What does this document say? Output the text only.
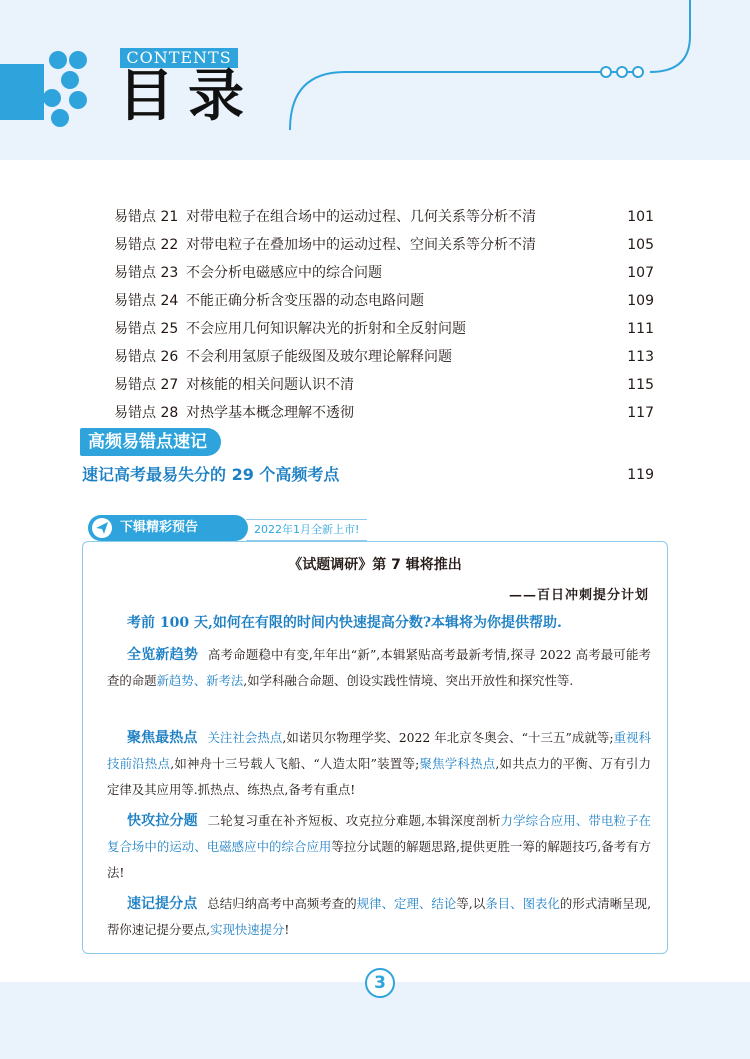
CONTENTS
目录
易错点 21 对带电粒子在组合场中的运动过程、几何关系等分析不清	101
易错点 22 对带电粒子在叠加场中的运动过程、空间关系等分析不清	105
易错点 23 不会分析电磁感应中的综合问题	107
易错点 24 不能正确分析含变压器的动态电路问题	109
易错点 25 不会应用几何知识解决光的折射和全反射问题	111
易错点 26 不会利用氢原子能级图及玻尔理论解释问题	113
易错点 27 对核能的相关问题认识不清	115
易错点 28 对热学基本概念理解不透彻	117
高频易错点速记
速记高考最易失分的 29 个高频考点	119
《试题调研》第 7 辑将推出
——百日冲刺提分计划
考前 100 天,如何在有限的时间内快速提高分数?本辑将为你提供帮助.
全览新趋势 高考命题稳中有变,年年出“新”,本辑紧贴高考最新考情,探寻 2022 高考最可能考查的命题新趋势、新考法,如学科融合命题、创设实践性情境、突出开放性和探究性等.
聚焦最热点 关注社会热点,如诺贝尔物理学奖、2022 年北京冬奥会、“十三五”成就等;重视科技前沿热点,如神舟十三号载人飞船、“人造太阳”装置等;聚焦学科热点,如共点力的平衡、万有引力定律及其应用等.抓热点、练热点,备考有重点!
快攻拉分题 二轮复习重在补齐短板、攻克拉分难题,本辑深度剖析力学综合应用、带电粒子在复合场中的运动、电磁感应中的综合应用等拉分试题的解题思路,提供更胜一筹的解题技巧,备考有方法!
速记提分点 总结归纳高考中高频考查的规律、定理、结论等,以条目、图表化的形式清晰呈现,帮你速记提分要点,实现快速提分!
下辑精彩预告	2022年1月全新上市!
3
